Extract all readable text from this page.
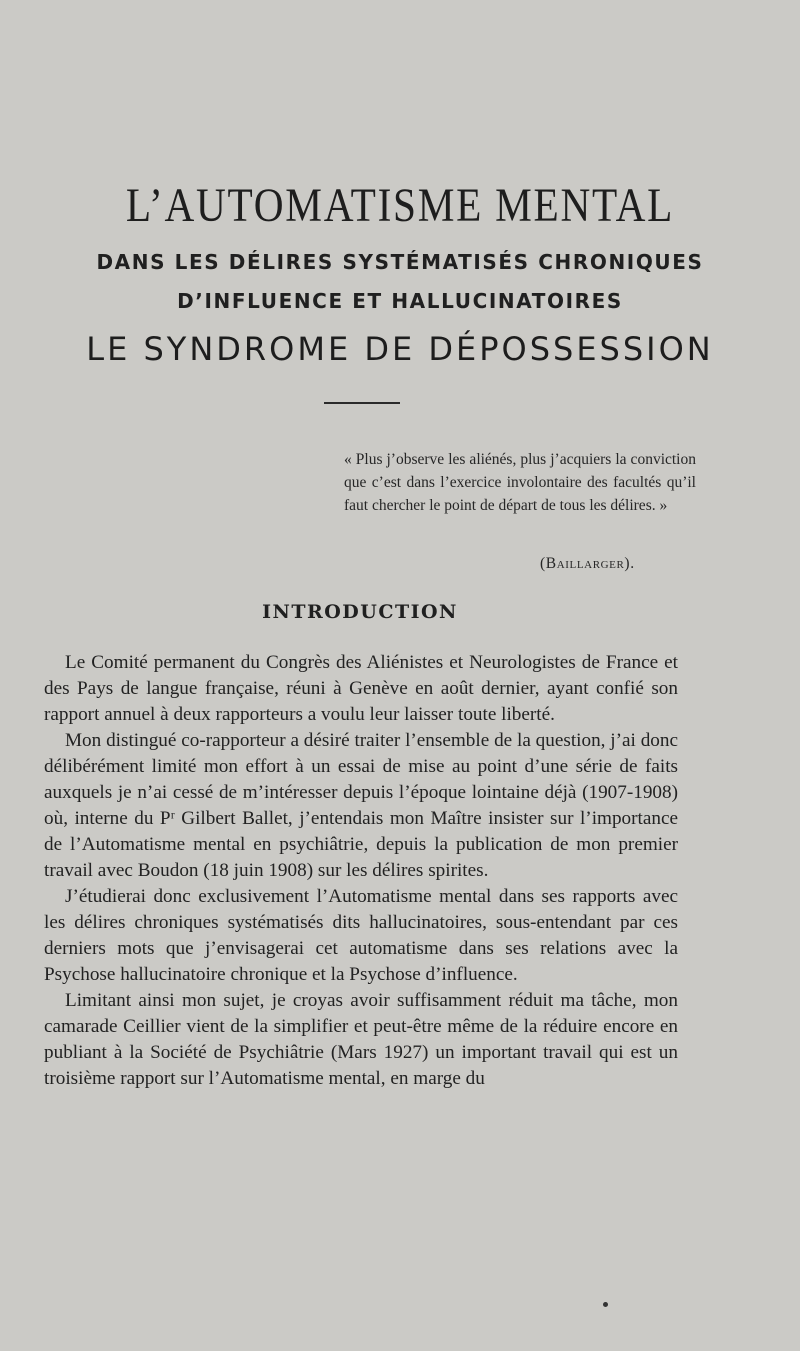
L’AUTOMATISME MENTAL
DANS LES DÉLIRES SYSTÉMATISÉS CHRONIQUES
D’INFLUENCE ET HALLUCINATOIRES
LE SYNDROME DE DÉPOSSESSION
« Plus j’observe les aliénés, plus j’acquiers la conviction que c’est dans l’exercice involontaire des facultés qu’il faut chercher le point de départ de tous les délires. »
(Baillarger).
INTRODUCTION

Le Comité permanent du Congrès des Aliénistes et Neurologistes de France et des Pays de langue française, réuni à Genève en août dernier, ayant confié son rapport annuel à deux rapporteurs a voulu leur laisser toute liberté.

Mon distingué co-rapporteur a désiré traiter l’ensemble de la question, j’ai donc délibérément limité mon effort à un essai de mise au point d’une série de faits auxquels je n’ai cessé de m’intéresser depuis l’époque lointaine déjà (1907-1908) où, interne du Pʳ Gilbert Ballet, j’entendais mon Maître insister sur l’importance de l’Automatisme mental en psychiâtrie, depuis la publication de mon premier travail avec Boudon (18 juin 1908) sur les délires spirites.

J’étudierai donc exclusivement l’Automatisme mental dans ses rapports avec les délires chroniques systématisés dits hallucinatoires, sous-entendant par ces derniers mots que j’envisagerai cet automatisme dans ses relations avec la Psychose hallucinatoire chronique et la Psychose d’influence.

Limitant ainsi mon sujet, je croyas avoir suffisamment réduit ma tâche, mon camarade Ceillier vient de la simplifier et peut-être même de la réduire encore en publiant à la Société de Psychiâtrie (Mars 1927) un important travail qui est un troisième rapport sur l’Automatisme mental, en marge du
